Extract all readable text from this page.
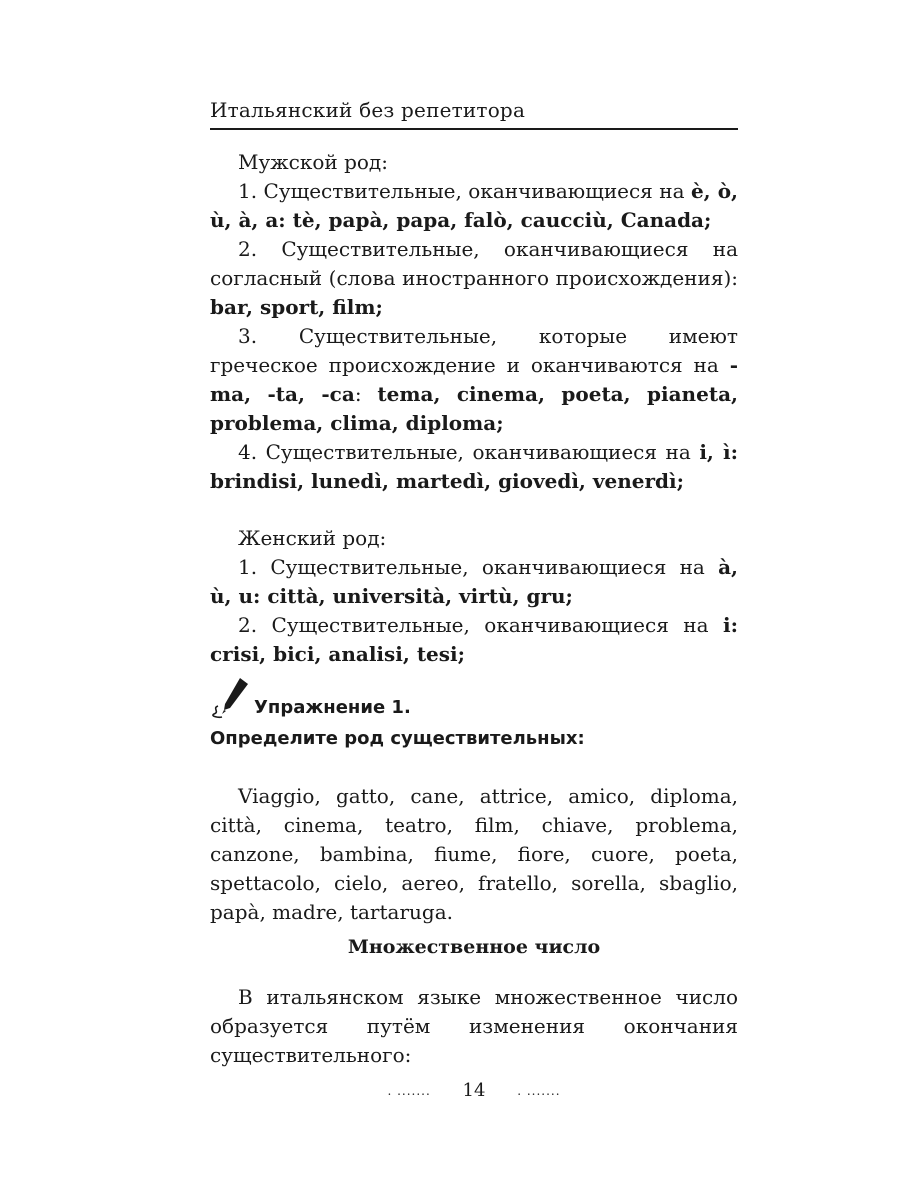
Итальянский без репетитора

Мужской род:

1. Существительные, оканчивающиеся на è, ò, ù, à, a: tè, papà, papa, falò, caucciù, Canada;

2. Существительные, оканчивающиеся на согласный (слова иностранного происхождения): bar, sport, film;

3. Существительные, которые имеют греческое происхождение и оканчиваются на -ma, -ta, -ca: tema, cinema, poeta, pianeta, problema, clima, diploma;

4. Существительные, оканчивающиеся на i, ì: brindisi, lunedì, martedì, giovedì, venerdì;

Женский род:

1. Существительные, оканчивающиеся на à, ù, u: città, università, virtù, gru;

2. Существительные, оканчивающиеся на i: crisi, bici, analisi, tesi;

Упражнение 1.
Определите род существительных:

Viaggio, gatto, cane, attrice, amico, diploma, città, cinema, teatro, film, chiave, problema, canzone, bambina, fiume, fiore, cuore, poeta, spettacolo, cielo, aereo, fratello, sorella, sbaglio, papà, madre, tartaruga.

Множественное число

В итальянском языке множественное число образуется путём изменения окончания существительного:

. ....... 14	. .......
